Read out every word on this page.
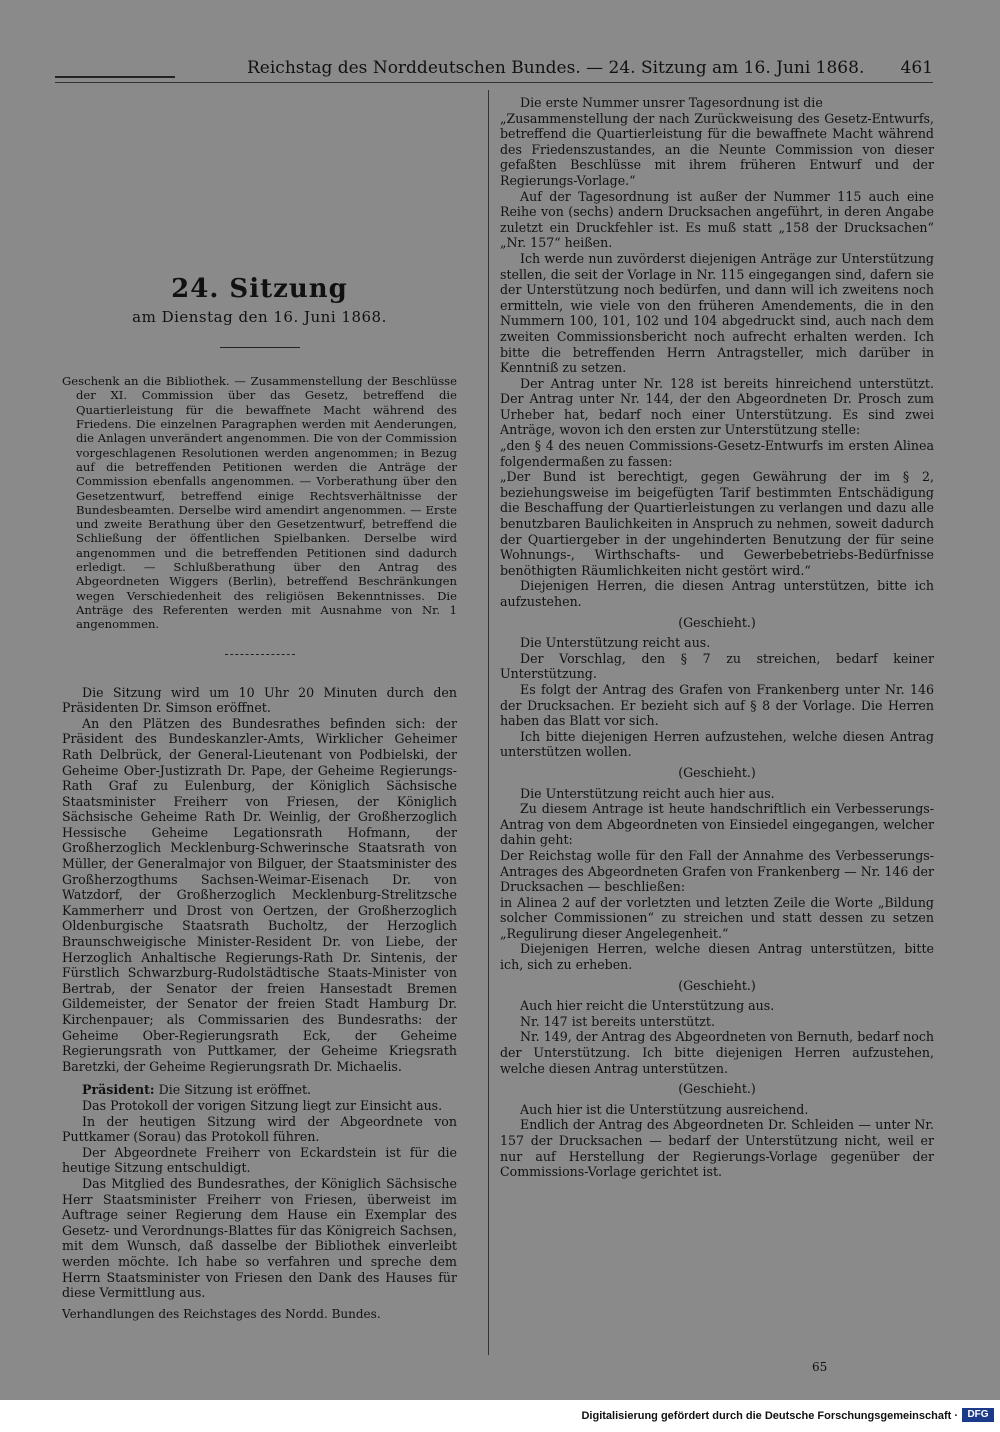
Reichstag des Norddeutschen Bundes. — 24. Sitzung am 16. Juni 1868. 461
24. Sitzung
am Dienstag den 16. Juni 1868.

Geschenk an die Bibliothek. — Zusammenstellung der Beschlüsse der XI. Commission über das Gesetz, betreffend die Quartierleistung für die bewaffnete Macht während des Friedens. Die einzelnen Paragraphen werden mit Aenderungen, die Anlagen unverändert angenommen. Die von der Commission vorgeschlagenen Resolutionen werden angenommen; in Bezug auf die betreffenden Petitionen werden die Anträge der Commission ebenfalls angenommen. — Vorberathung über den Gesetzentwurf, betreffend einige Rechtsverhältnisse der Bundesbeamten. Derselbe wird amendirt angenommen. — Erste und zweite Berathung über den Gesetzentwurf, betreffend die Schließung der öffentlichen Spielbanken. Derselbe wird angenommen und die betreffenden Petitionen sind dadurch erledigt. — Schlußberathung über den Antrag des Abgeordneten Wiggers (Berlin), betreffend Beschränkungen wegen Verschiedenheit des religiösen Bekenntnisses. Die Anträge des Referenten werden mit Ausnahme von Nr. 1 angenommen.

Die Sitzung wird um 10 Uhr 20 Minuten durch den Präsidenten Dr. Simson eröffnet.

An den Plätzen des Bundesrathes befinden sich: der Präsident des Bundeskanzler-Amts, Wirklicher Geheimer Rath Delbrück, der General-Lieutenant von Podbielski, der Geheime Ober-Justizrath Dr. Pape, der Geheime Regierungs-Rath Graf zu Eulenburg, der Königlich Sächsische Staatsminister Freiherr von Friesen, der Königlich Sächsische Geheime Rath Dr. Weinlig, der Großherzoglich Hessische Geheime Legationsrath Hofmann, der Großherzoglich Mecklenburg-Schwerinsche Staatsrath von Müller, der Generalmajor von Bilguer, der Staatsminister des Großherzogthums Sachsen-Weimar-Eisenach Dr. von Watzdorf, der Großherzoglich Mecklenburg-Strelitzsche Kammerherr und Drost von Oertzen, der Großherzoglich Oldenburgische Staatsrath Bucholtz, der Herzoglich Braunschweigische Minister-Resident Dr. von Liebe, der Herzoglich Anhaltische Regierungs-Rath Dr. Sintenis, der Fürstlich Schwarzburg-Rudolstädtische Staats-Minister von Bertrab, der Senator der freien Hansestadt Bremen Gildemeister, der Senator der freien Stadt Hamburg Dr. Kirchenpauer; als Commissarien des Bundesraths: der Geheime Ober-Regierungsrath Eck, der Geheime Regierungsrath von Puttkamer, der Geheime Kriegsrath Baretzki, der Geheime Regierungsrath Dr. Michaelis.

Präsident: Die Sitzung ist eröffnet.

Das Protokoll der vorigen Sitzung liegt zur Einsicht aus.

In der heutigen Sitzung wird der Abgeordnete von Puttkamer (Sorau) das Protokoll führen.

Der Abgeordnete Freiherr von Eckardstein ist für die heutige Sitzung entschuldigt.

Das Mitglied des Bundesrathes, der Königlich Sächsische Herr Staatsminister Freiherr von Friesen, überweist im Auftrage seiner Regierung dem Hause ein Exemplar des Gesetz- und Verordnungs-Blattes für das Königreich Sachsen, mit dem Wunsch, daß dasselbe der Bibliothek einverleibt werden möchte. Ich habe so verfahren und spreche dem Herrn Staatsminister von Friesen den Dank des Hauses für diese Vermittlung aus.

Verhandlungen des Reichstages des Nordd. Bundes.

Die erste Nummer unsrer Tagesordnung ist die

„Zusammenstellung der nach Zurückweisung des Gesetz-Entwurfs, betreffend die Quartierleistung für die bewaffnete Macht während des Friedenszustandes, an die Neunte Commission von dieser gefaßten Beschlüsse mit ihrem früheren Entwurf und der Regierungs-Vorlage.“

Auf der Tagesordnung ist außer der Nummer 115 auch eine Reihe von (sechs) andern Drucksachen angeführt, in deren Angabe zuletzt ein Druckfehler ist. Es muß statt „158 der Drucksachen“ „Nr. 157“ heißen.

Ich werde nun zuvörderst diejenigen Anträge zur Unterstützung stellen, die seit der Vorlage in Nr. 115 eingegangen sind, dafern sie der Unterstützung noch bedürfen, und dann will ich zweitens noch ermitteln, wie viele von den früheren Amendements, die in den Nummern 100, 101, 102 und 104 abgedruckt sind, auch nach dem zweiten Commissionsbericht noch aufrecht erhalten werden. Ich bitte die betreffenden Herrn Antragsteller, mich darüber in Kenntniß zu setzen.

Der Antrag unter Nr. 128 ist bereits hinreichend unterstützt. Der Antrag unter Nr. 144, der den Abgeordneten Dr. Prosch zum Urheber hat, bedarf noch einer Unterstützung. Es sind zwei Anträge, wovon ich den ersten zur Unterstützung stelle:

„den § 4 des neuen Commissions-Gesetz-Entwurfs im ersten Alinea folgendermaßen zu fassen:

„Der Bund ist berechtigt, gegen Gewährung der im § 2, beziehungsweise im beigefügten Tarif bestimmten Entschädigung die Beschaffung der Quartierleistungen zu verlangen und dazu alle benutzbaren Baulichkeiten in Anspruch zu nehmen, soweit dadurch der Quartiergeber in der ungehinderten Benutzung der für seine Wohnungs-, Wirthschafts- und Gewerbebetriebs-Bedürfnisse benöthigten Räumlichkeiten nicht gestört wird.“

Diejenigen Herren, die diesen Antrag unterstützen, bitte ich aufzustehen.

(Geschieht.)

Die Unterstützung reicht aus.

Der Vorschlag, den § 7 zu streichen, bedarf keiner Unterstützung.

Es folgt der Antrag des Grafen von Frankenberg unter Nr. 146 der Drucksachen. Er bezieht sich auf § 8 der Vorlage. Die Herren haben das Blatt vor sich.

Ich bitte diejenigen Herren aufzustehen, welche diesen Antrag unterstützen wollen.

(Geschieht.)

Die Unterstützung reicht auch hier aus.

Zu diesem Antrage ist heute handschriftlich ein Verbesserungs-Antrag von dem Abgeordneten von Einsiedel eingegangen, welcher dahin geht:

Der Reichstag wolle für den Fall der Annahme des Verbesserungs-Antrages des Abgeordneten Grafen von Frankenberg — Nr. 146 der Drucksachen — beschließen:

in Alinea 2 auf der vorletzten und letzten Zeile die Worte „Bildung solcher Commissionen“ zu streichen und statt dessen zu setzen „Regulirung dieser Angelegenheit.“

Diejenigen Herren, welche diesen Antrag unterstützen, bitte ich, sich zu erheben.

(Geschieht.)

Auch hier reicht die Unterstützung aus.

Nr. 147 ist bereits unterstützt.

Nr. 149, der Antrag des Abgeordneten von Bernuth, bedarf noch der Unterstützung. Ich bitte diejenigen Herren aufzustehen, welche diesen Antrag unterstützen.

(Geschieht.)

Auch hier ist die Unterstützung ausreichend.

Endlich der Antrag des Abgeordneten Dr. Schleiden — unter Nr. 157 der Drucksachen — bedarf der Unterstützung nicht, weil er nur auf Herstellung der Regierungs-Vorlage gegenüber der Commissions-Vorlage gerichtet ist.

65
Digitalisierung gefördert durch die Deutsche Forschungsgemeinschaft · DFG
